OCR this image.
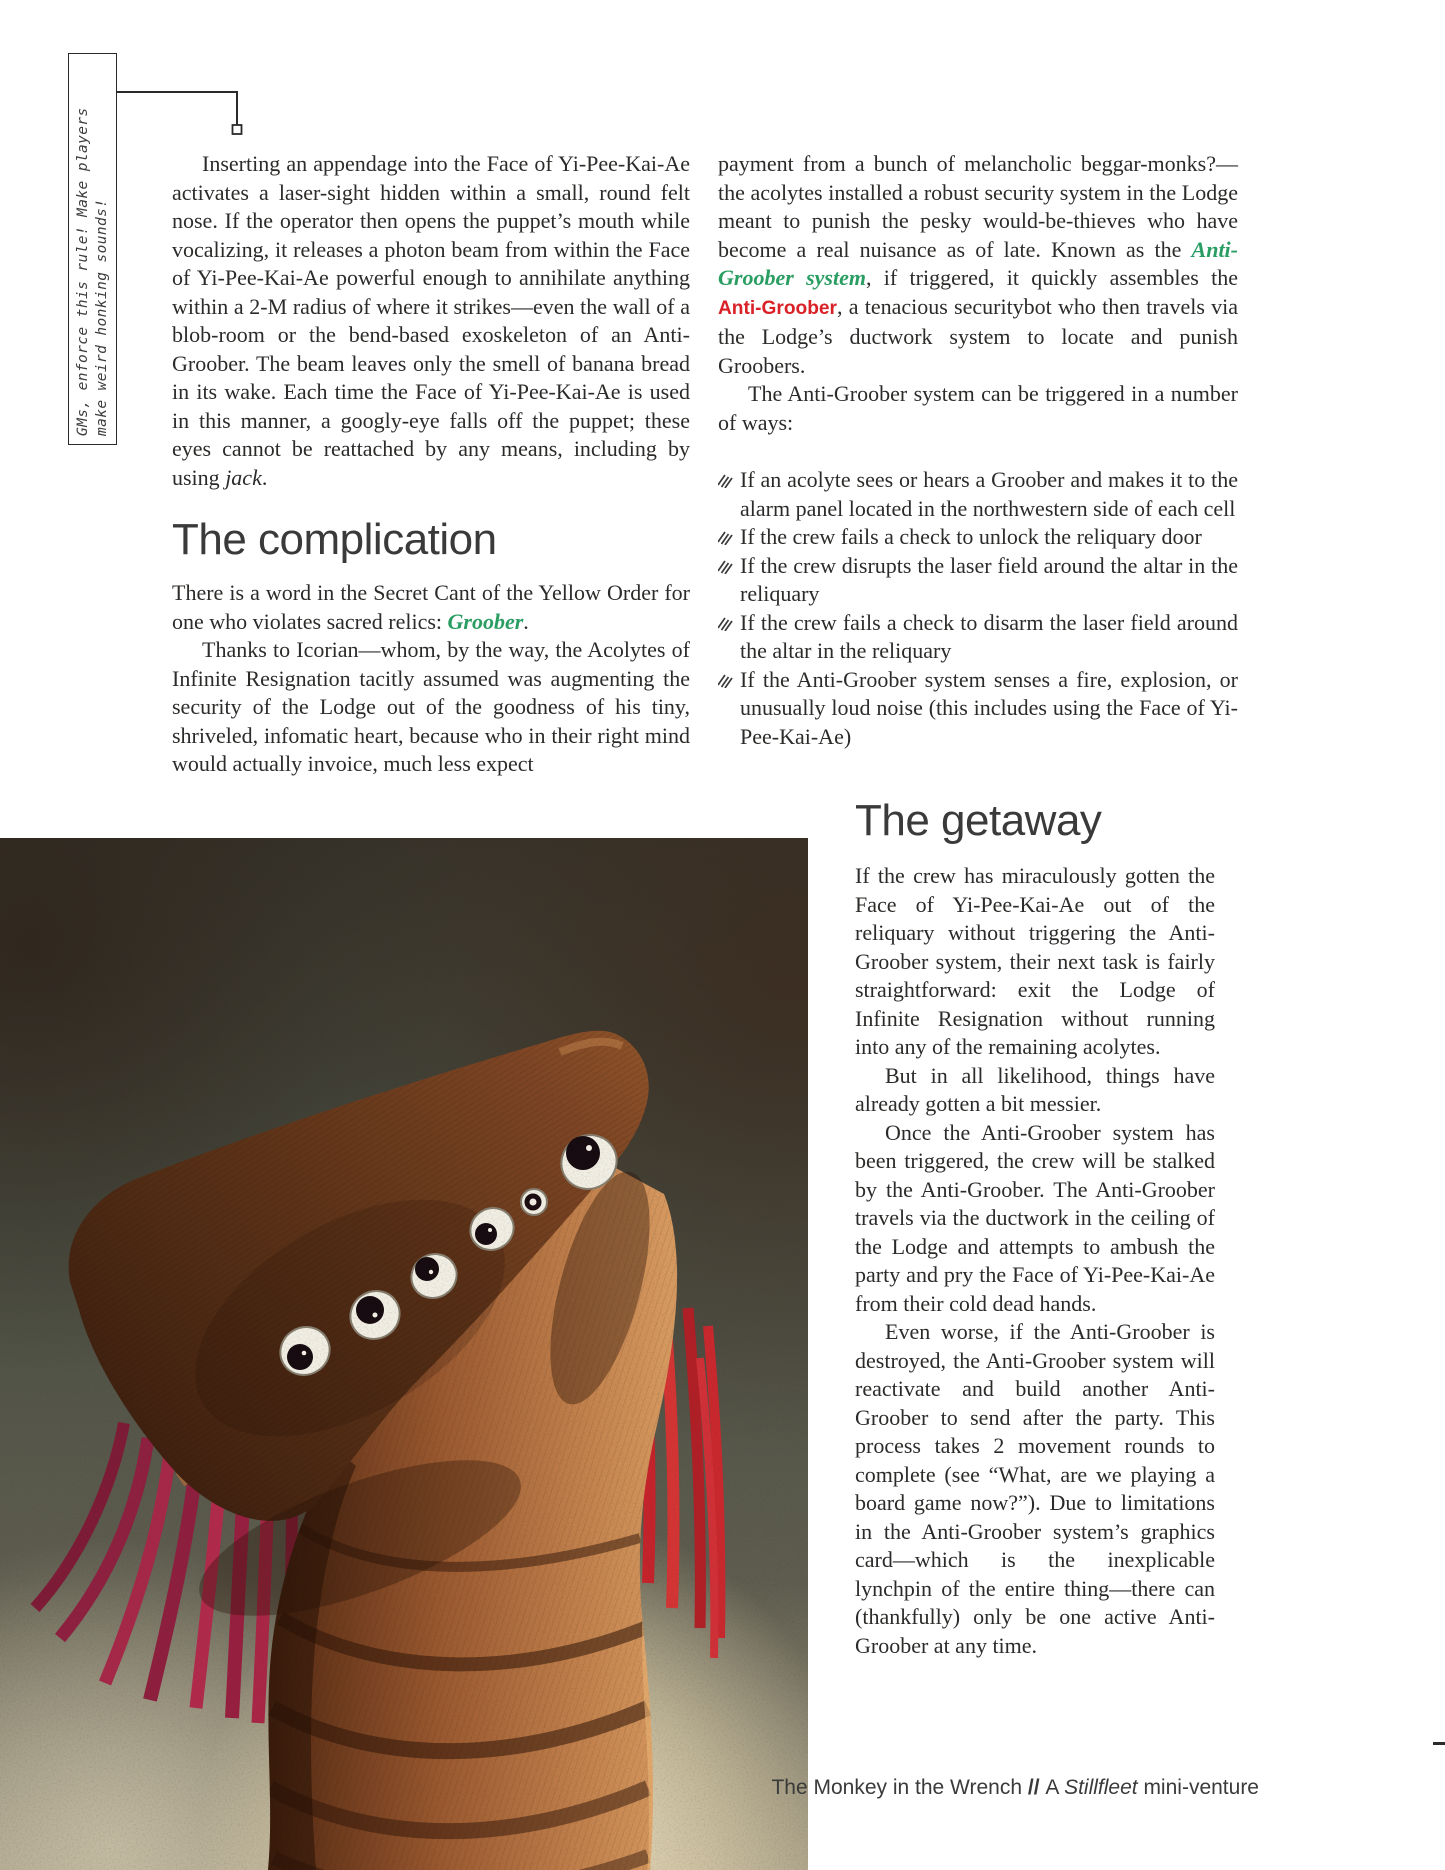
GMs, enforce this rule! Make players make weird honking sounds!

Inserting an appendage into the Face of Yi-Pee-Kai-Ae activates a laser-sight hidden within a small, round felt nose. If the operator then opens the puppet’s mouth while vocalizing, it releases a photon beam from within the Face of Yi-Pee-Kai-Ae powerful enough to annihilate anything within a 2-M radius of where it strikes—even the wall of a blob-room or the bend-based exoskeleton of an Anti-Groober. The beam leaves only the smell of banana bread in its wake. Each time the Face of Yi-Pee-Kai-Ae is used in this manner, a googly-eye falls off the puppet; these eyes cannot be reattached by any means, including by using jack.

The complication

There is a word in the Secret Cant of the Yellow Order for one who violates sacred relics: Groober.

Thanks to Icorian—whom, by the way, the Acolytes of Infinite Resignation tacitly assumed was augmenting the security of the Lodge out of the goodness of his tiny, shriveled, infomatic heart, because who in their right mind would actually invoice, much less expect

payment from a bunch of melancholic beggar-monks?—the acolytes installed a robust security system in the Lodge meant to punish the pesky would-be-thieves who have become a real nuisance as of late. Known as the Anti-Groober system, if triggered, it quickly assembles the Anti-Groober, a tenacious securitybot who then travels via the Lodge’s ductwork system to locate and punish Groobers.

The Anti-Groober system can be triggered in a number of ways:

If an acolyte sees or hears a Groober and makes it to the alarm panel located in the northwestern side of each cell
If the crew fails a check to unlock the reliquary door
If the crew disrupts the laser field around the altar in the reliquary
If the crew fails a check to disarm the laser field around the altar in the reliquary
If the Anti-Groober system senses a fire, explosion, or unusually loud noise (this includes using the Face of Yi-Pee-Kai-Ae)
The getaway

If the crew has miraculously gotten the Face of Yi-Pee-Kai-Ae out of the reliquary without triggering the Anti-Groober system, their next task is fairly straightforward: exit the Lodge of Infinite Resignation without running into any of the remaining acolytes.

But in all likelihood, things have already gotten a bit messier.

Once the Anti-Groober system has been triggered, the crew will be stalked by the Anti-Groober. The Anti-Groober travels via the ductwork in the ceiling of the Lodge and attempts to ambush the party and pry the Face of Yi-Pee-Kai-Ae from their cold dead hands.

Even worse, if the Anti-Groober is destroyed, the Anti-Groober system will reactivate and build another Anti-Groober to send after the party. This process takes 2 movement rounds to complete (see “What, are we playing a board game now?”). Due to limitations in the Anti-Groober system’s graphics card—which is the inexplicable lynchpin of the entire thing—there can (thankfully) only be one active Anti-Groober at any time.

The Monkey in the Wrench // A Stillfleet mini-venture
